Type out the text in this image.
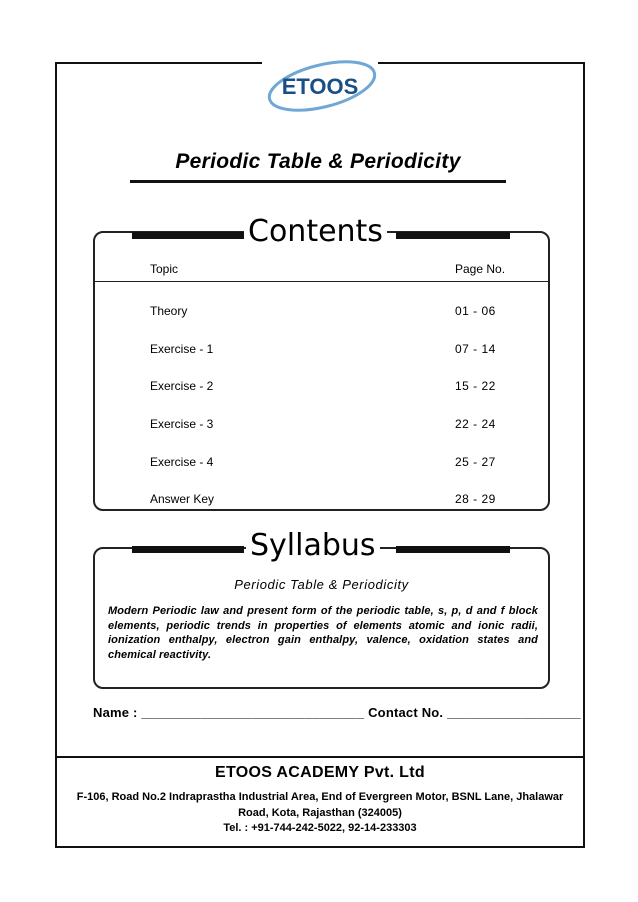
ETOOS
Periodic Table & Periodicity
Contents
Topic	Page No.
Theory	01 - 06
Exercise - 1	07 - 14
Exercise - 2	15 - 22
Exercise - 3	22 - 24
Exercise - 4	25 - 27
Answer Key	28 - 29
Syllabus
Periodic Table & Periodicity
Modern Periodic law and present form of the periodic table, s, p, d and f block elements, periodic trends in properties of elements atomic and ionic radii, ionization enthalpy, electron gain enthalpy, valence, oxidation states and chemical reactivity.
Name : ______________________________ Contact No. __________________
ETOOS ACADEMY Pvt. Ltd
F-106, Road No.2 Indraprastha Industrial Area, End of Evergreen Motor, BSNL Lane, Jhalawar Road, Kota, Rajasthan (324005)
Tel. : +91-744-242-5022, 92-14-233303
